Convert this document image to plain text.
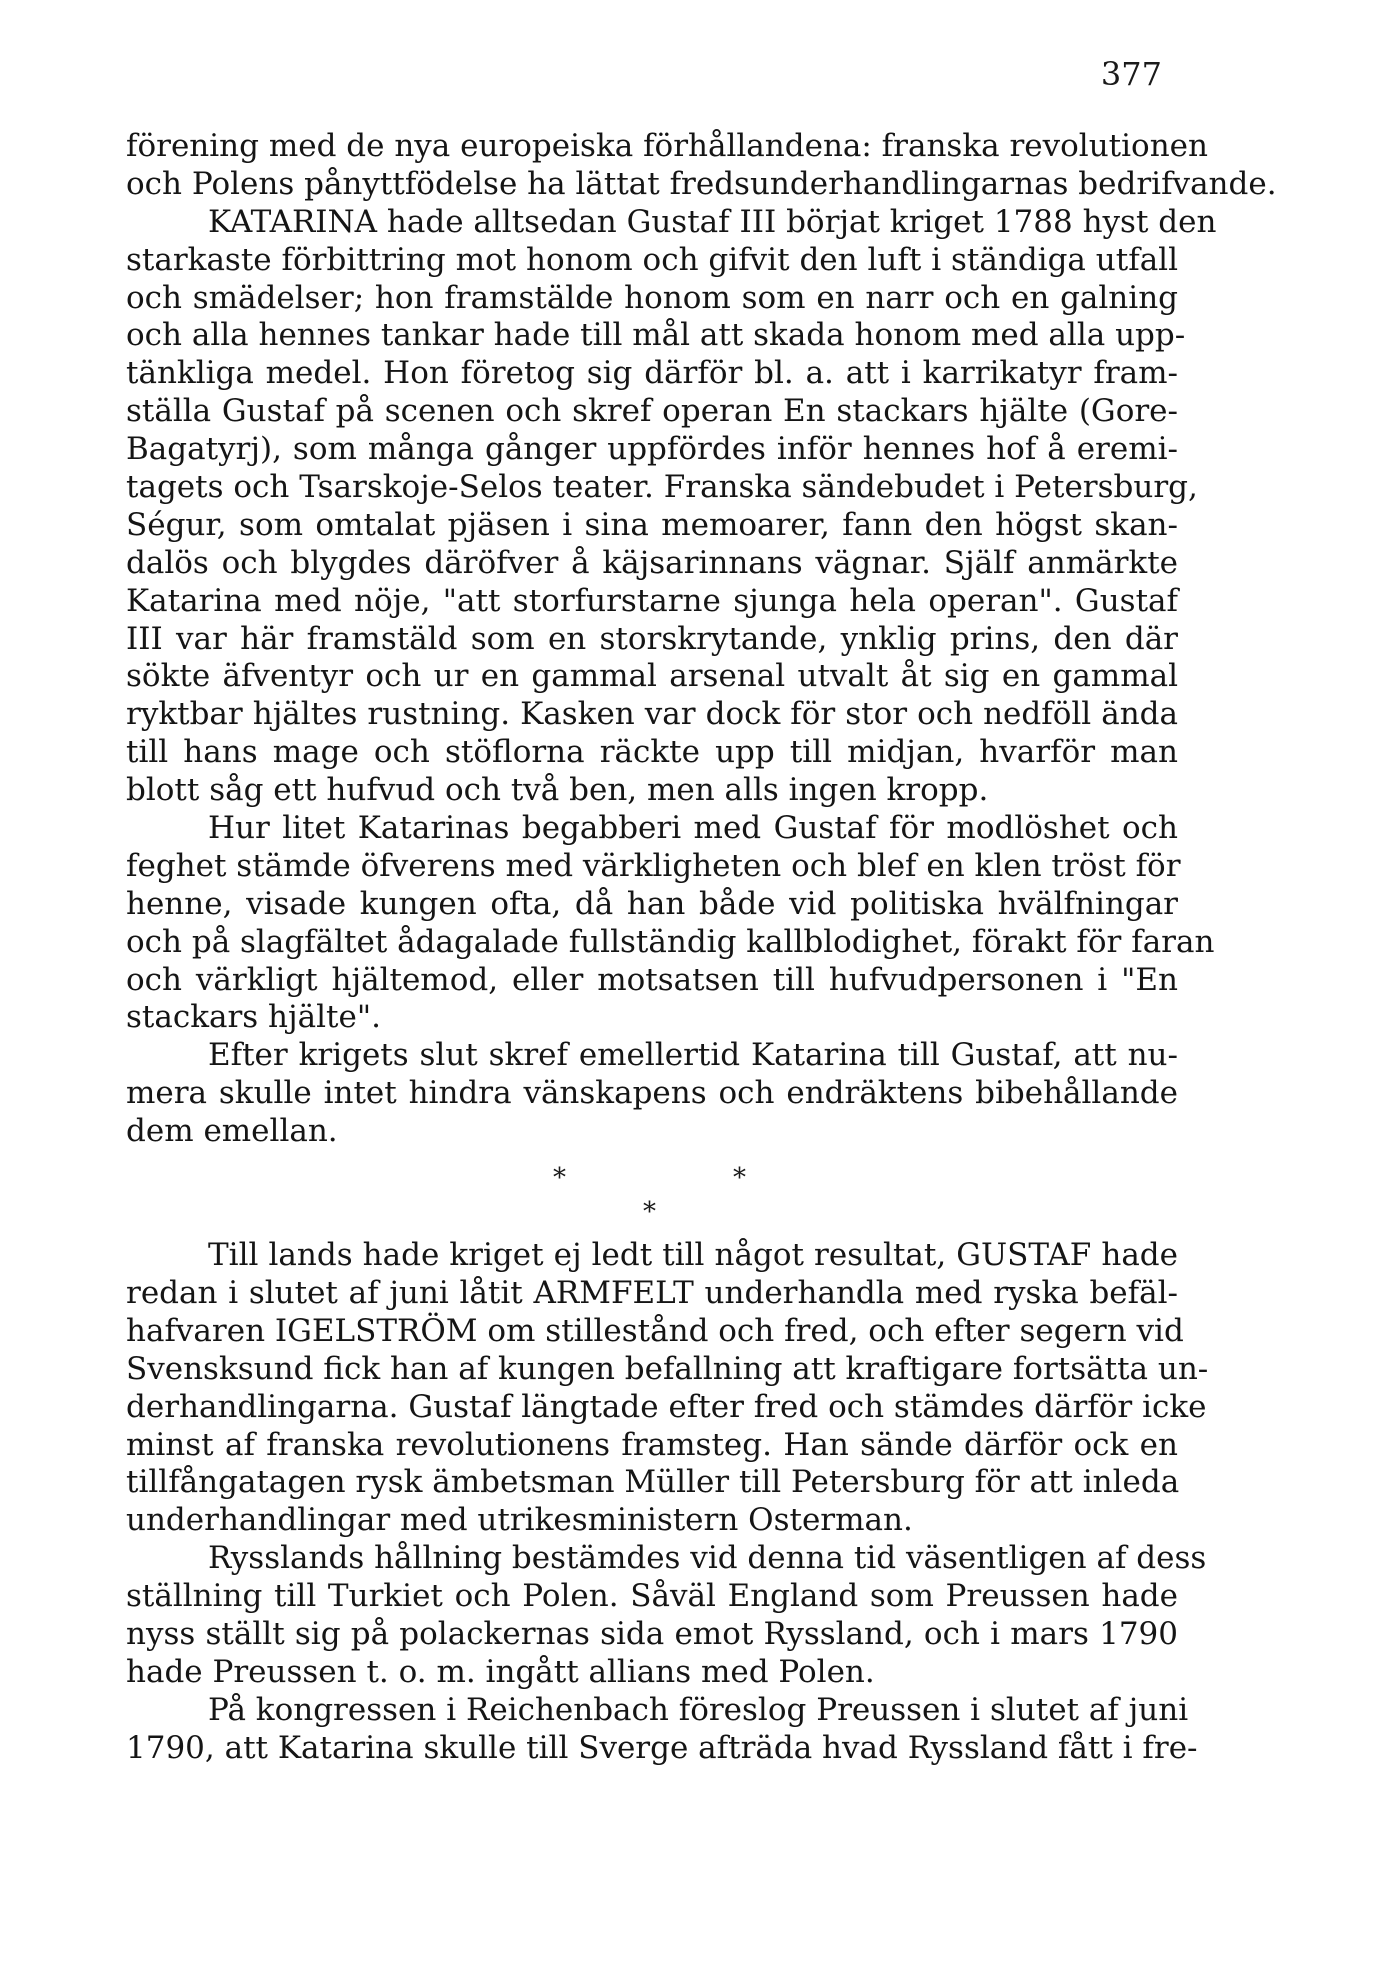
377
förening med de nya europeiska förhållandena: franska revolutionen
och Polens pånyttfödelse ha lättat fredsunderhandlingarnas bedrifvande.
KATARINA hade alltsedan Gustaf III börjat kriget 1788 hyst den
starkaste förbittring mot honom och gifvit den luft i ständiga utfall
och smädelser; hon framstälde honom som en narr och en galning
och alla hennes tankar hade till mål att skada honom med alla upp-
tänkliga medel. Hon företog sig därför bl. a. att i karrikatyr fram-
ställa Gustaf på scenen och skref operan En stackars hjälte (Gore-
Bagatyrj), som många gånger uppfördes inför hennes hof å eremi-
tagets och Tsarskoje-Selos teater. Franska sändebudet i Petersburg,
Ségur, som omtalat pjäsen i sina memoarer, fann den högst skan-
dalös och blygdes däröfver å käjsarinnans vägnar. Själf anmärkte
Katarina med nöje, "att storfurstarne sjunga hela operan". Gustaf
III var här framstäld som en storskrytande, ynklig prins, den där
sökte äfventyr och ur en gammal arsenal utvalt åt sig en gammal
ryktbar hjältes rustning. Kasken var dock för stor och nedföll ända
till hans mage och stöflorna räckte upp till midjan, hvarför man
blott såg ett hufvud och två ben, men alls ingen kropp.
Hur litet Katarinas begabberi med Gustaf för modlöshet och
feghet stämde öfverens med värkligheten och blef en klen tröst för
henne, visade kungen ofta, då han både vid politiska hvälfningar
och på slagfältet ådagalade fullständig kallblodighet, förakt för faran
och värkligt hjältemod, eller motsatsen till hufvudpersonen i "En
stackars hjälte".
Efter krigets slut skref emellertid Katarina till Gustaf, att nu-
mera skulle intet hindra vänskapens och endräktens bibehållande
dem emellan.
*	*
*
Till lands hade kriget ej ledt till något resultat, GUSTAF hade
redan i slutet af juni låtit ARMFELT underhandla med ryska befäl-
hafvaren IGELSTRÖM om stillestånd och fred, och efter segern vid
Svensksund fick han af kungen befallning att kraftigare fortsätta un-
derhandlingarna. Gustaf längtade efter fred och stämdes därför icke
minst af franska revolutionens framsteg. Han sände därför ock en
tillfångatagen rysk ämbetsman Müller till Petersburg för att inleda
underhandlingar med utrikesministern Osterman.
Rysslands hållning bestämdes vid denna tid väsentligen af dess
ställning till Turkiet och Polen. Såväl England som Preussen hade
nyss ställt sig på polackernas sida emot Ryssland, och i mars 1790
hade Preussen t. o. m. ingått allians med Polen.
På kongressen i Reichenbach föreslog Preussen i slutet af juni
1790, att Katarina skulle till Sverge afträda hvad Ryssland fått i fre-
